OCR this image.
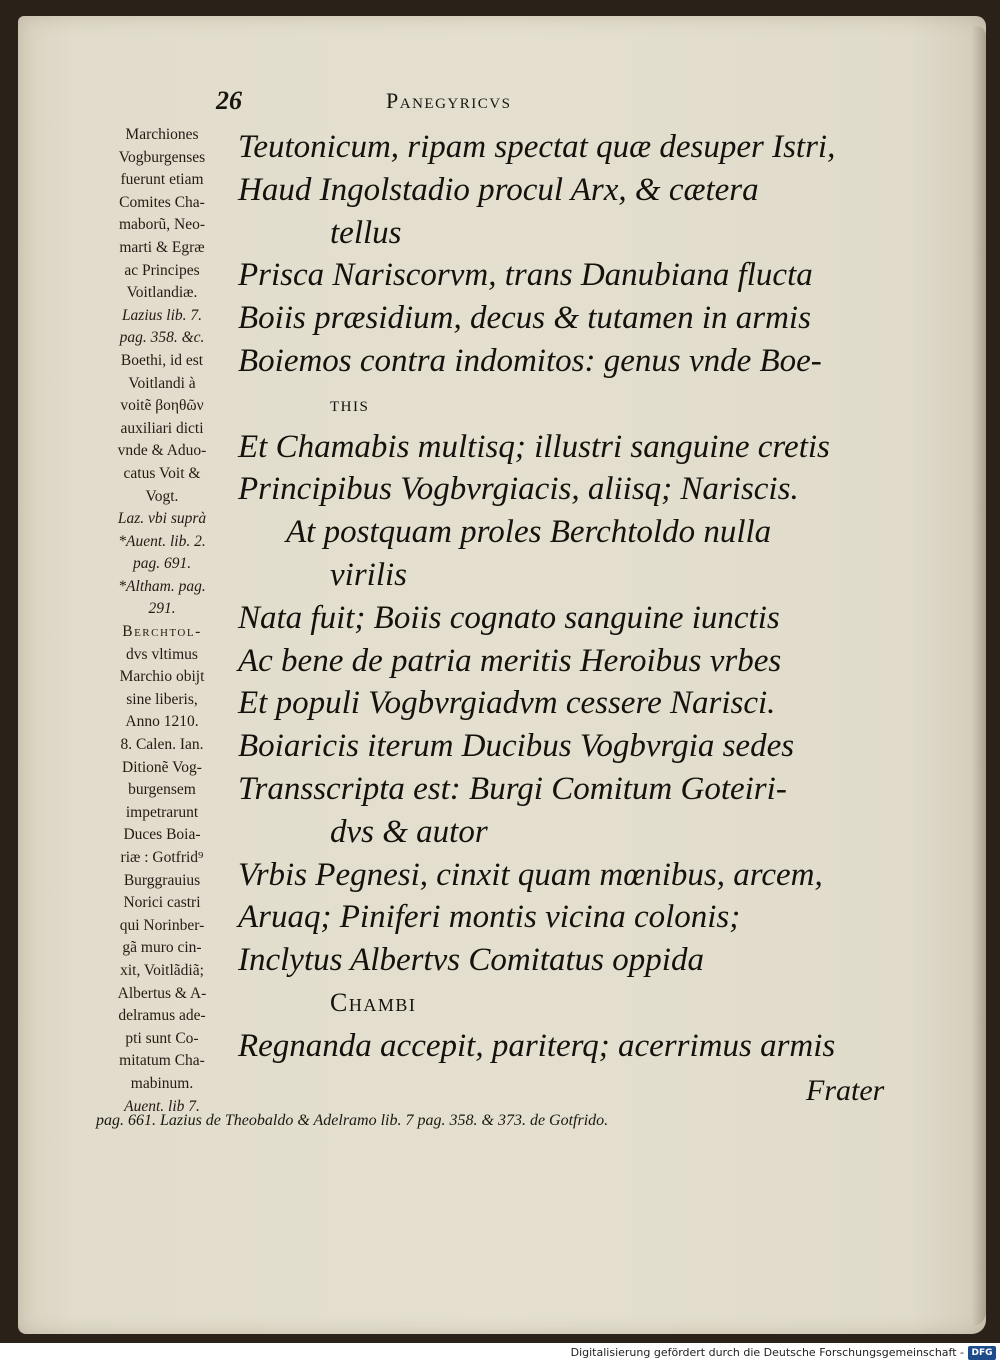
26	Panegyricvs
Marchiones
Vogburgenses
fuerunt etiam
Comites Cha-
maborũ, Neo-
marti & Egræ
ac Principes
Voitlandiæ.
Lazius lib. 7.
pag. 358. &c.
Boethi, id est
Voitlandi à
voitẽ βοηθῶν
auxiliari dicti
vnde & Aduo-
catus Voit &
Vogt.
Laz. vbi suprà
*Auent. lib. 2.
pag. 691.
*Altham. pag.
291.
Berchtol-
dvs vltimus
Marchio obijt
sine liberis,
Anno 1210.
8. Calen. Ian.
Ditionẽ Vog-
burgensem
impetrarunt
Duces Boia-
riæ : Gotfrid⁹
Burggrauius
Norici castri
qui Norinber-
gã muro cin-
xit, Voitlãdiã;
Albertus & A-
delramus ade-
pti sunt Co-
mitatum Cha-
mabinum.
Auent. lib 7.
Teutonicum, ripam spectat quæ desuper Istri,
Haud Ingolstadio procul Arx, & cætera
tellus
Prisca Nariscorvm, trans Danubiana flucta
Boiis præsidium, decus & tutamen in armis
Boiemos contra indomitos: genus vnde Boe-
this
Et Chamabis multisq; illustri sanguine cretis
Principibus Vogbvrgiacis, aliisq; Nariscis.
At postquam proles Berchtoldo nulla
virilis
Nata fuit; Boiis cognato sanguine iunctis
Ac bene de patria meritis Heroibus vrbes
Et populi Vogbvrgiadvm cessere Narisci.
Boiaricis iterum Ducibus Vogbvrgia sedes
Transscripta est: Burgi Comitum Goteiri-
dvs & autor
Vrbis Pegnesi, cinxit quam mœnibus, arcem,
Aruaq; Piniferi montis vicina colonis;
Inclytus Albertvs Comitatus oppida
Chambi
Regnanda accepit, pariterq; acerrimus armis
Frater
pag. 661. Lazius de Theobaldo & Adelramo lib. 7 pag. 358. & 373. de Gotfrido.
Digitalisierung gefördert durch die Deutsche Forschungsgemeinschaft - DFG
